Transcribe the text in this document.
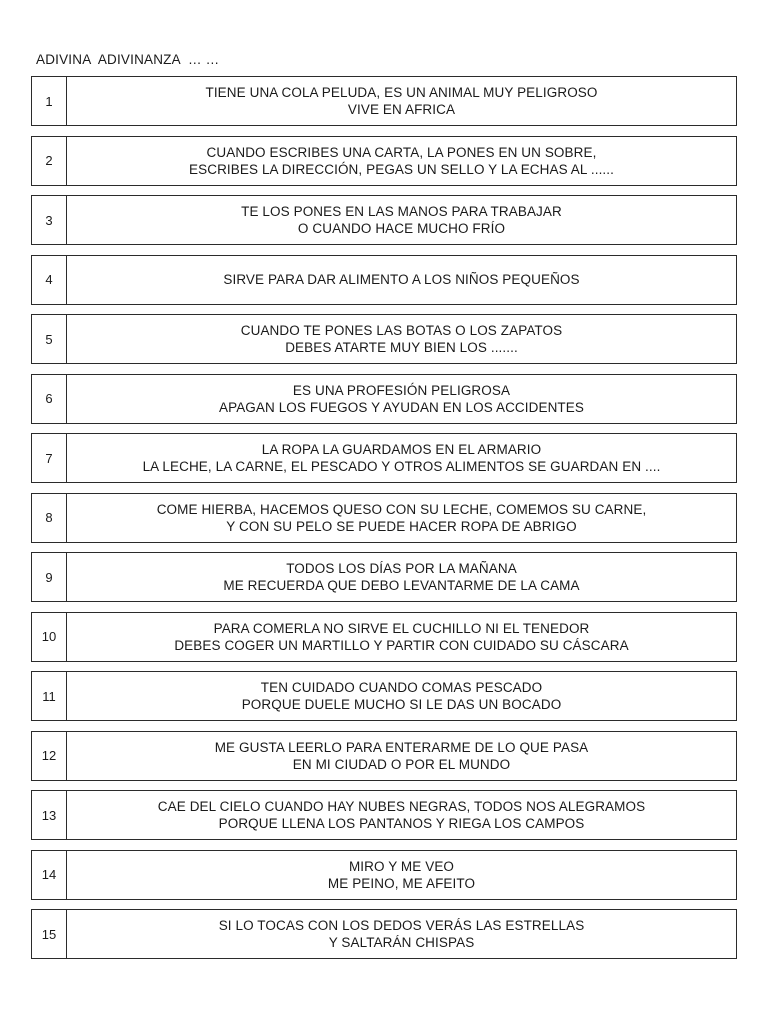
ADIVINA  ADIVINANZA  … …
1
TIENE UNA COLA PELUDA, ES UN ANIMAL MUY PELIGROSO
VIVE EN AFRICA
2
CUANDO ESCRIBES UNA CARTA, LA PONES EN UN SOBRE,
ESCRIBES LA DIRECCIÓN, PEGAS UN SELLO Y LA ECHAS AL ......
3
TE LOS PONES EN LAS MANOS PARA TRABAJAR
O CUANDO HACE MUCHO FRÍO
4	SIRVE PARA DAR ALIMENTO A LOS NIÑOS PEQUEÑOS
5
CUANDO TE PONES LAS BOTAS O LOS ZAPATOS
DEBES ATARTE MUY BIEN LOS .......
6
ES UNA PROFESIÓN PELIGROSA
APAGAN LOS FUEGOS Y AYUDAN EN LOS ACCIDENTES
7
LA ROPA LA GUARDAMOS EN EL ARMARIO
LA LECHE, LA CARNE, EL PESCADO Y OTROS ALIMENTOS SE GUARDAN EN ....
8
COME HIERBA, HACEMOS QUESO CON SU LECHE, COMEMOS SU CARNE,
Y CON SU PELO SE PUEDE HACER ROPA DE ABRIGO
9
TODOS LOS DÍAS POR LA MAÑANA
ME RECUERDA QUE DEBO LEVANTARME DE LA CAMA
10
PARA COMERLA NO SIRVE EL CUCHILLO NI EL TENEDOR
DEBES COGER UN MARTILLO Y PARTIR CON CUIDADO SU CÁSCARA
11
TEN CUIDADO CUANDO COMAS PESCADO
PORQUE DUELE MUCHO SI LE DAS UN BOCADO
12
ME GUSTA LEERLO PARA ENTERARME DE LO QUE PASA
EN MI CIUDAD O POR EL MUNDO
13
CAE DEL CIELO CUANDO HAY NUBES NEGRAS, TODOS NOS ALEGRAMOS
PORQUE LLENA LOS PANTANOS Y RIEGA LOS CAMPOS
14
MIRO Y ME VEO
ME PEINO, ME AFEITO
15
SI LO TOCAS CON LOS DEDOS VERÁS LAS ESTRELLAS
Y SALTARÁN CHISPAS
